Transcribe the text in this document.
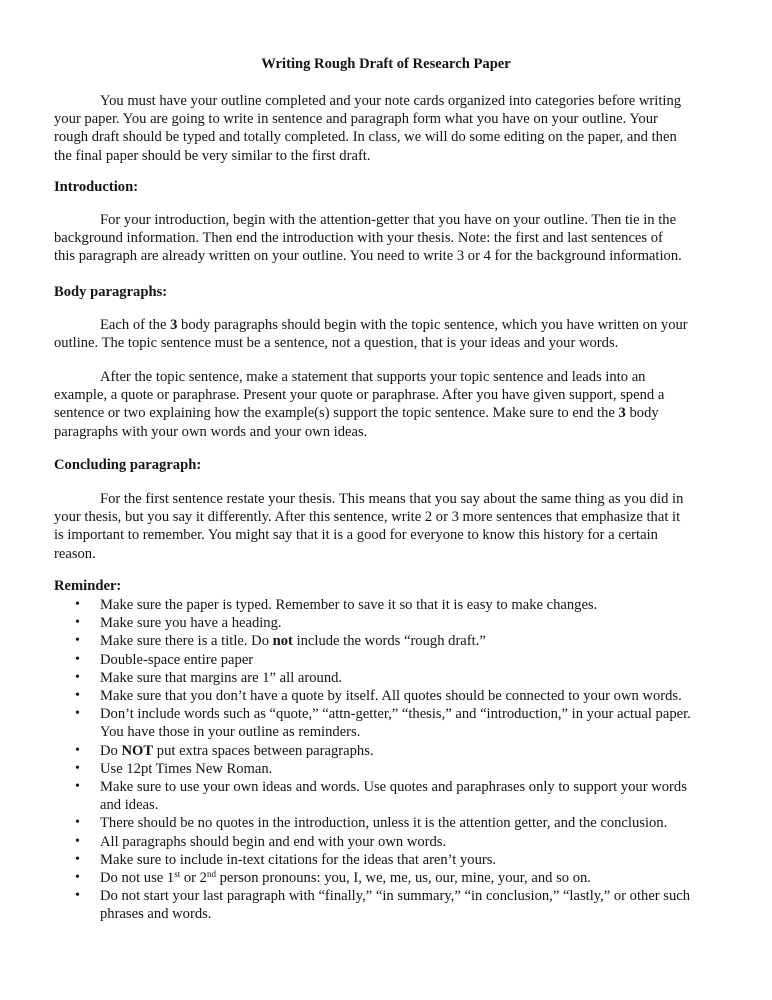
Writing Rough Draft of Research Paper

You must have your outline completed and your note cards organized into categories before writing
your paper. You are going to write in sentence and paragraph form what you have on your outline. Your
rough draft should be typed and totally completed. In class, we will do some editing on the paper, and then
the final paper should be very similar to the first draft.

Introduction:

For your introduction, begin with the attention-getter that you have on your outline. Then tie in the
background information. Then end the introduction with your thesis. Note: the first and last sentences of
this paragraph are already written on your outline. You need to write 3 or 4 for the background information.

Body paragraphs:

Each of the 3 body paragraphs should begin with the topic sentence, which you have written on your
outline. The topic sentence must be a sentence, not a question, that is your ideas and your words.

After the topic sentence, make a statement that supports your topic sentence and leads into an
example, a quote or paraphrase. Present your quote or paraphrase. After you have given support, spend a
sentence or two explaining how the example(s) support the topic sentence. Make sure to end the 3 body
paragraphs with your own words and your own ideas.

Concluding paragraph:

For the first sentence restate your thesis. This means that you say about the same thing as you did in
your thesis, but you say it differently. After this sentence, write 2 or 3 more sentences that emphasize that it
is important to remember. You might say that it is a good for everyone to know this history for a certain
reason.

Reminder:

• Make sure the paper is typed. Remember to save it so that it is easy to make changes.
• Make sure you have a heading.
• Make sure there is a title. Do not include the words “rough draft.”
• Double-space entire paper
• Make sure that margins are 1” all around.
• Make sure that you don’t have a quote by itself. All quotes should be connected to your own words.
• Don’t include words such as “quote,” “attn-getter,” “thesis,” and “introduction,” in your actual paper.
You have those in your outline as reminders.
• Do NOT put extra spaces between paragraphs.
• Use 12pt Times New Roman.
• Make sure to use your own ideas and words. Use quotes and paraphrases only to support your words
and ideas.
• There should be no quotes in the introduction, unless it is the attention getter, and the conclusion.
• All paragraphs should begin and end with your own words.
• Make sure to include in-text citations for the ideas that aren’t yours.
• Do not use 1st or 2nd person pronouns: you, I, we, me, us, our, mine, your, and so on.
• Do not start your last paragraph with “finally,” “in summary,” “in conclusion,” “lastly,” or other such
phrases and words.
